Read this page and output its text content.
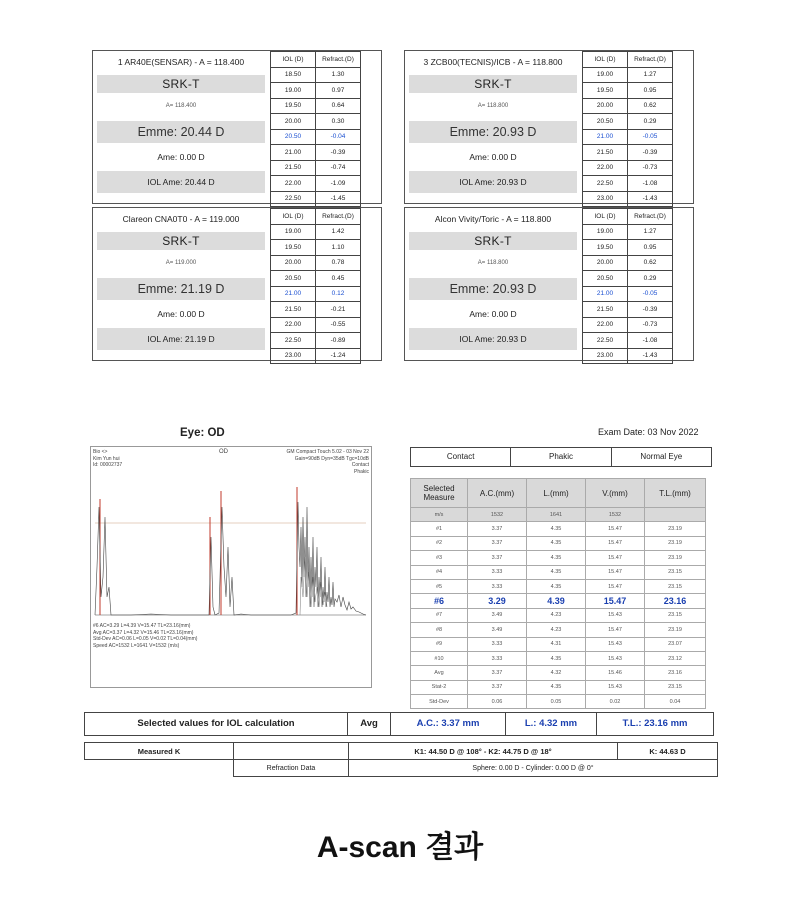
1 AR40E(SENSAR) - A = 118.400
SRK-T
A= 118.400
Emme: 20.44 D
Ame: 0.00 D
IOL Ame: 20.44 D
IOL (D)	Refract.(D)
18.50	1.30
19.00	0.97
19.50	0.64
20.00	0.30
20.50	-0.04
21.00	-0.39
21.50	-0.74
22.00	-1.09
22.50	-1.45
3 ZCB00(TECNIS)/ICB - A = 118.800
SRK-T
A= 118.800
Emme: 20.93 D
Ame: 0.00 D
IOL Ame: 20.93 D
IOL (D)	Refract.(D)
19.00	1.27
19.50	0.95
20.00	0.62
20.50	0.29
21.00	-0.05
21.50	-0.39
22.00	-0.73
22.50	-1.08
23.00	-1.43
Clareon CNA0T0 - A = 119.000
SRK-T
A= 119.000
Emme: 21.19 D
Ame: 0.00 D
IOL Ame: 21.19 D
IOL (D)	Refract.(D)
19.00	1.42
19.50	1.10
20.00	0.78
20.50	0.45
21.00	0.12
21.50	-0.21
22.00	-0.55
22.50	-0.89
23.00	-1.24
Alcon Vivity/Toric - A = 118.800
SRK-T
A= 118.800
Emme: 20.93 D
Ame: 0.00 D
IOL Ame: 20.93 D
IOL (D)	Refract.(D)
19.00	1.27
19.50	0.95
20.00	0.62
20.50	0.29
21.00	-0.05
21.50	-0.39
22.00	-0.73
22.50	-1.08
23.00	-1.43
Eye: OD	Exam Date: 03 Nov 2022
Bio <>
Kim Yun hui
Id: 00002737
OD	GM Compact Touch 5.02 - 03 Nov 22
Gain=90dB Dyn=35dB Tgc=10dB
Contact
Phakic
#6 AC=3.29 L=4.39 V=15.47 TL=23.16(mm)
Avg AC=3.37 L=4.32 V=15.46 TL=23.16(mm)
Std-Dev AC=0.06 L=0.05 V=0.02 TL=0.04(mm)
Speed AC=1532 L=1641 V=1532 (m/s)
Contact	Phakic	Normal Eye
Selected Measure	A.C.(mm)	L.(mm)	V.(mm)	T.L.(mm)
m/s	1532	1641	1532	
#1	3.37	4.35	15.47	23.19
#2	3.37	4.35	15.47	23.19
#3	3.37	4.35	15.47	23.19
#4	3.33	4.35	15.47	23.15
#5	3.33	4.35	15.47	23.15
#6	3.29	4.39	15.47	23.16
#7	3.49	4.23	15.43	23.15
#8	3.49	4.23	15.47	23.19
#9	3.33	4.31	15.43	23.07
#10	3.33	4.35	15.43	23.12
Avg	3.37	4.32	15.46	23.16
Stat-2	3.37	4.35	15.43	23.15
Std-Dev	0.06	0.05	0.02	0.04
Selected values for IOL calculation	Avg	A.C.: 3.37 mm	L.: 4.32 mm	T.L.: 23.16 mm
Measured K		K1: 44.50 D @ 108° - K2: 44.75 D @ 18°	K: 44.63 D
	Refraction Data	Sphere: 0.00 D - Cylinder: 0.00 D @ 0°	
A-scan 결과
